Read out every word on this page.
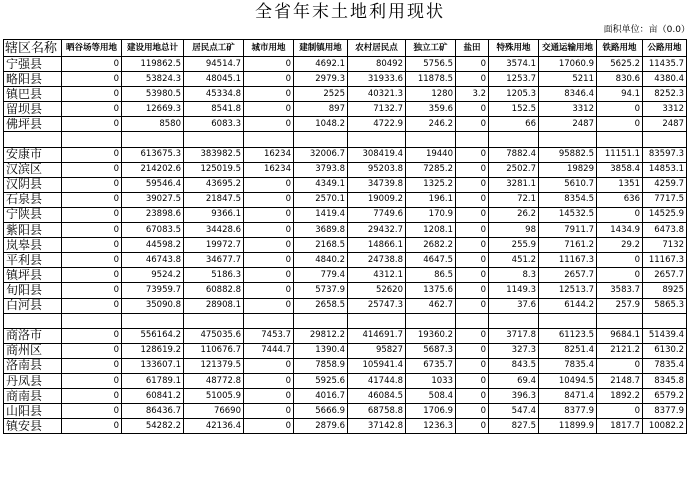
全省年末土地利用现状
面积单位：亩（0.0）
辖区名称	晒谷场等用地	建设用地总计	居民点工矿	城市用地	建制镇用地	农村居民点	独立工矿	盐田	特殊用地	交通运输用地	铁路用地	公路用地
宁强县	0	119862.5	94514.7	0	4692.1	80492	5756.5	0	3574.1	17060.9	5625.2	11435.7
略阳县	0	53824.3	48045.1	0	2979.3	31933.6	11878.5	0	1253.7	5211	830.6	4380.4
镇巴县	0	53980.5	45334.8	0	2525	40321.3	1280	3.2	1205.3	8346.4	94.1	8252.3
留坝县	0	12669.3	8541.8	0	897	7132.7	359.6	0	152.5	3312	0	3312
佛坪县	0	8580	6083.3	0	1048.2	4722.9	246.2	0	66	2487	0	2487

安康市	0	613675.3	383982.5	16234	32006.7	308419.4	19440	0	7882.4	95882.5	11151.1	83597.3
汉滨区	0	214202.6	125019.5	16234	3793.8	95203.8	7285.2	0	2502.7	19829	3858.4	14853.1
汉阴县	0	59546.4	43695.2	0	4349.1	34739.8	1325.2	0	3281.1	5610.7	1351	4259.7
石泉县	0	39027.5	21847.5	0	2570.1	19009.2	196.1	0	72.1	8354.5	636	7717.5
宁陕县	0	23898.6	9366.1	0	1419.4	7749.6	170.9	0	26.2	14532.5	0	14525.9
紫阳县	0	67083.5	34428.6	0	3689.8	29432.7	1208.1	0	98	7911.7	1434.9	6473.8
岚皋县	0	44598.2	19972.7	0	2168.5	14866.1	2682.2	0	255.9	7161.2	29.2	7132
平利县	0	46743.8	34677.7	0	4840.2	24738.8	4647.5	0	451.2	11167.3	0	11167.3
镇坪县	0	9524.2	5186.3	0	779.4	4312.1	86.5	0	8.3	2657.7	0	2657.7
旬阳县	0	73959.7	60882.8	0	5737.9	52620	1375.6	0	1149.3	12513.7	3583.7	8925
白河县	0	35090.8	28908.1	0	2658.5	25747.3	462.7	0	37.6	6144.2	257.9	5865.3

商洛市	0	556164.2	475035.6	7453.7	29812.2	414691.7	19360.2	0	3717.8	61123.5	9684.1	51439.4
商州区	0	128619.2	110676.7	7444.7	1390.4	95827	5687.3	0	327.3	8251.4	2121.2	6130.2
洛南县	0	133607.1	121379.5	0	7858.9	105941.4	6735.7	0	843.5	7835.4	0	7835.4
丹凤县	0	61789.1	48772.8	0	5925.6	41744.8	1033	0	69.4	10494.5	2148.7	8345.8
商南县	0	60841.2	51005.9	0	4016.7	46084.5	508.4	0	396.3	8471.4	1892.2	6579.2
山阳县	0	86436.7	76690	0	5666.9	68758.8	1706.9	0	547.4	8377.9	0	8377.9
镇安县	0	54282.2	42136.4	0	2879.6	37142.8	1236.3	0	827.5	11899.9	1817.7	10082.2
